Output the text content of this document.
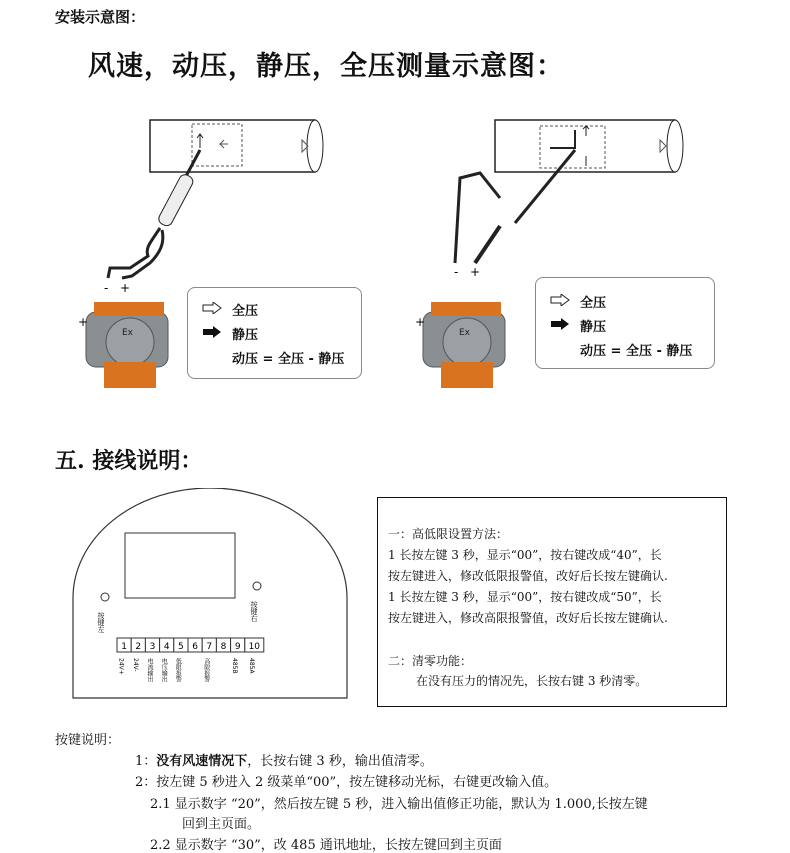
安装示意图：
风速，动压，静压，全压测量示意图：
- +
Ex
+
全压
静压
动压 = 全压 - 静压
- +
Ex
+
全压
静压
动压 = 全压 - 静压
五. 接线说明：
按键左
按键右
1
24V+
2
24V-
3
电流输出
4
电压输出
5
低限报警
6 7
高限报警
8 9
485B
10
485A

一：高低限设置方法：

1 长按左键 3 秒，显示“00”，按右键改成“40”，长

按左键进入，修改低限报警值，改好后长按左键确认.

1 长按左键 3 秒，显示“00”，按右键改成“50”，长

按左键进入，修改高限报警值，改好后长按左键确认.

二：清零功能：

在没有压力的情况先，长按右键 3 秒清零。

按键说明：
1：没有风速情况下，长按右键 3 秒，输出值清零。
2：按左键 5 秒进入 2 级菜单“00”，按左键移动光标，右键更改输入值。
2.1 显示数字 “20”，然后按左键 5 秒，进入输出值修正功能，默认为 1.000,长按左键
回到主页面。
2.2 显示数字 “30”，改 485 通讯地址，长按左键回到主页面
